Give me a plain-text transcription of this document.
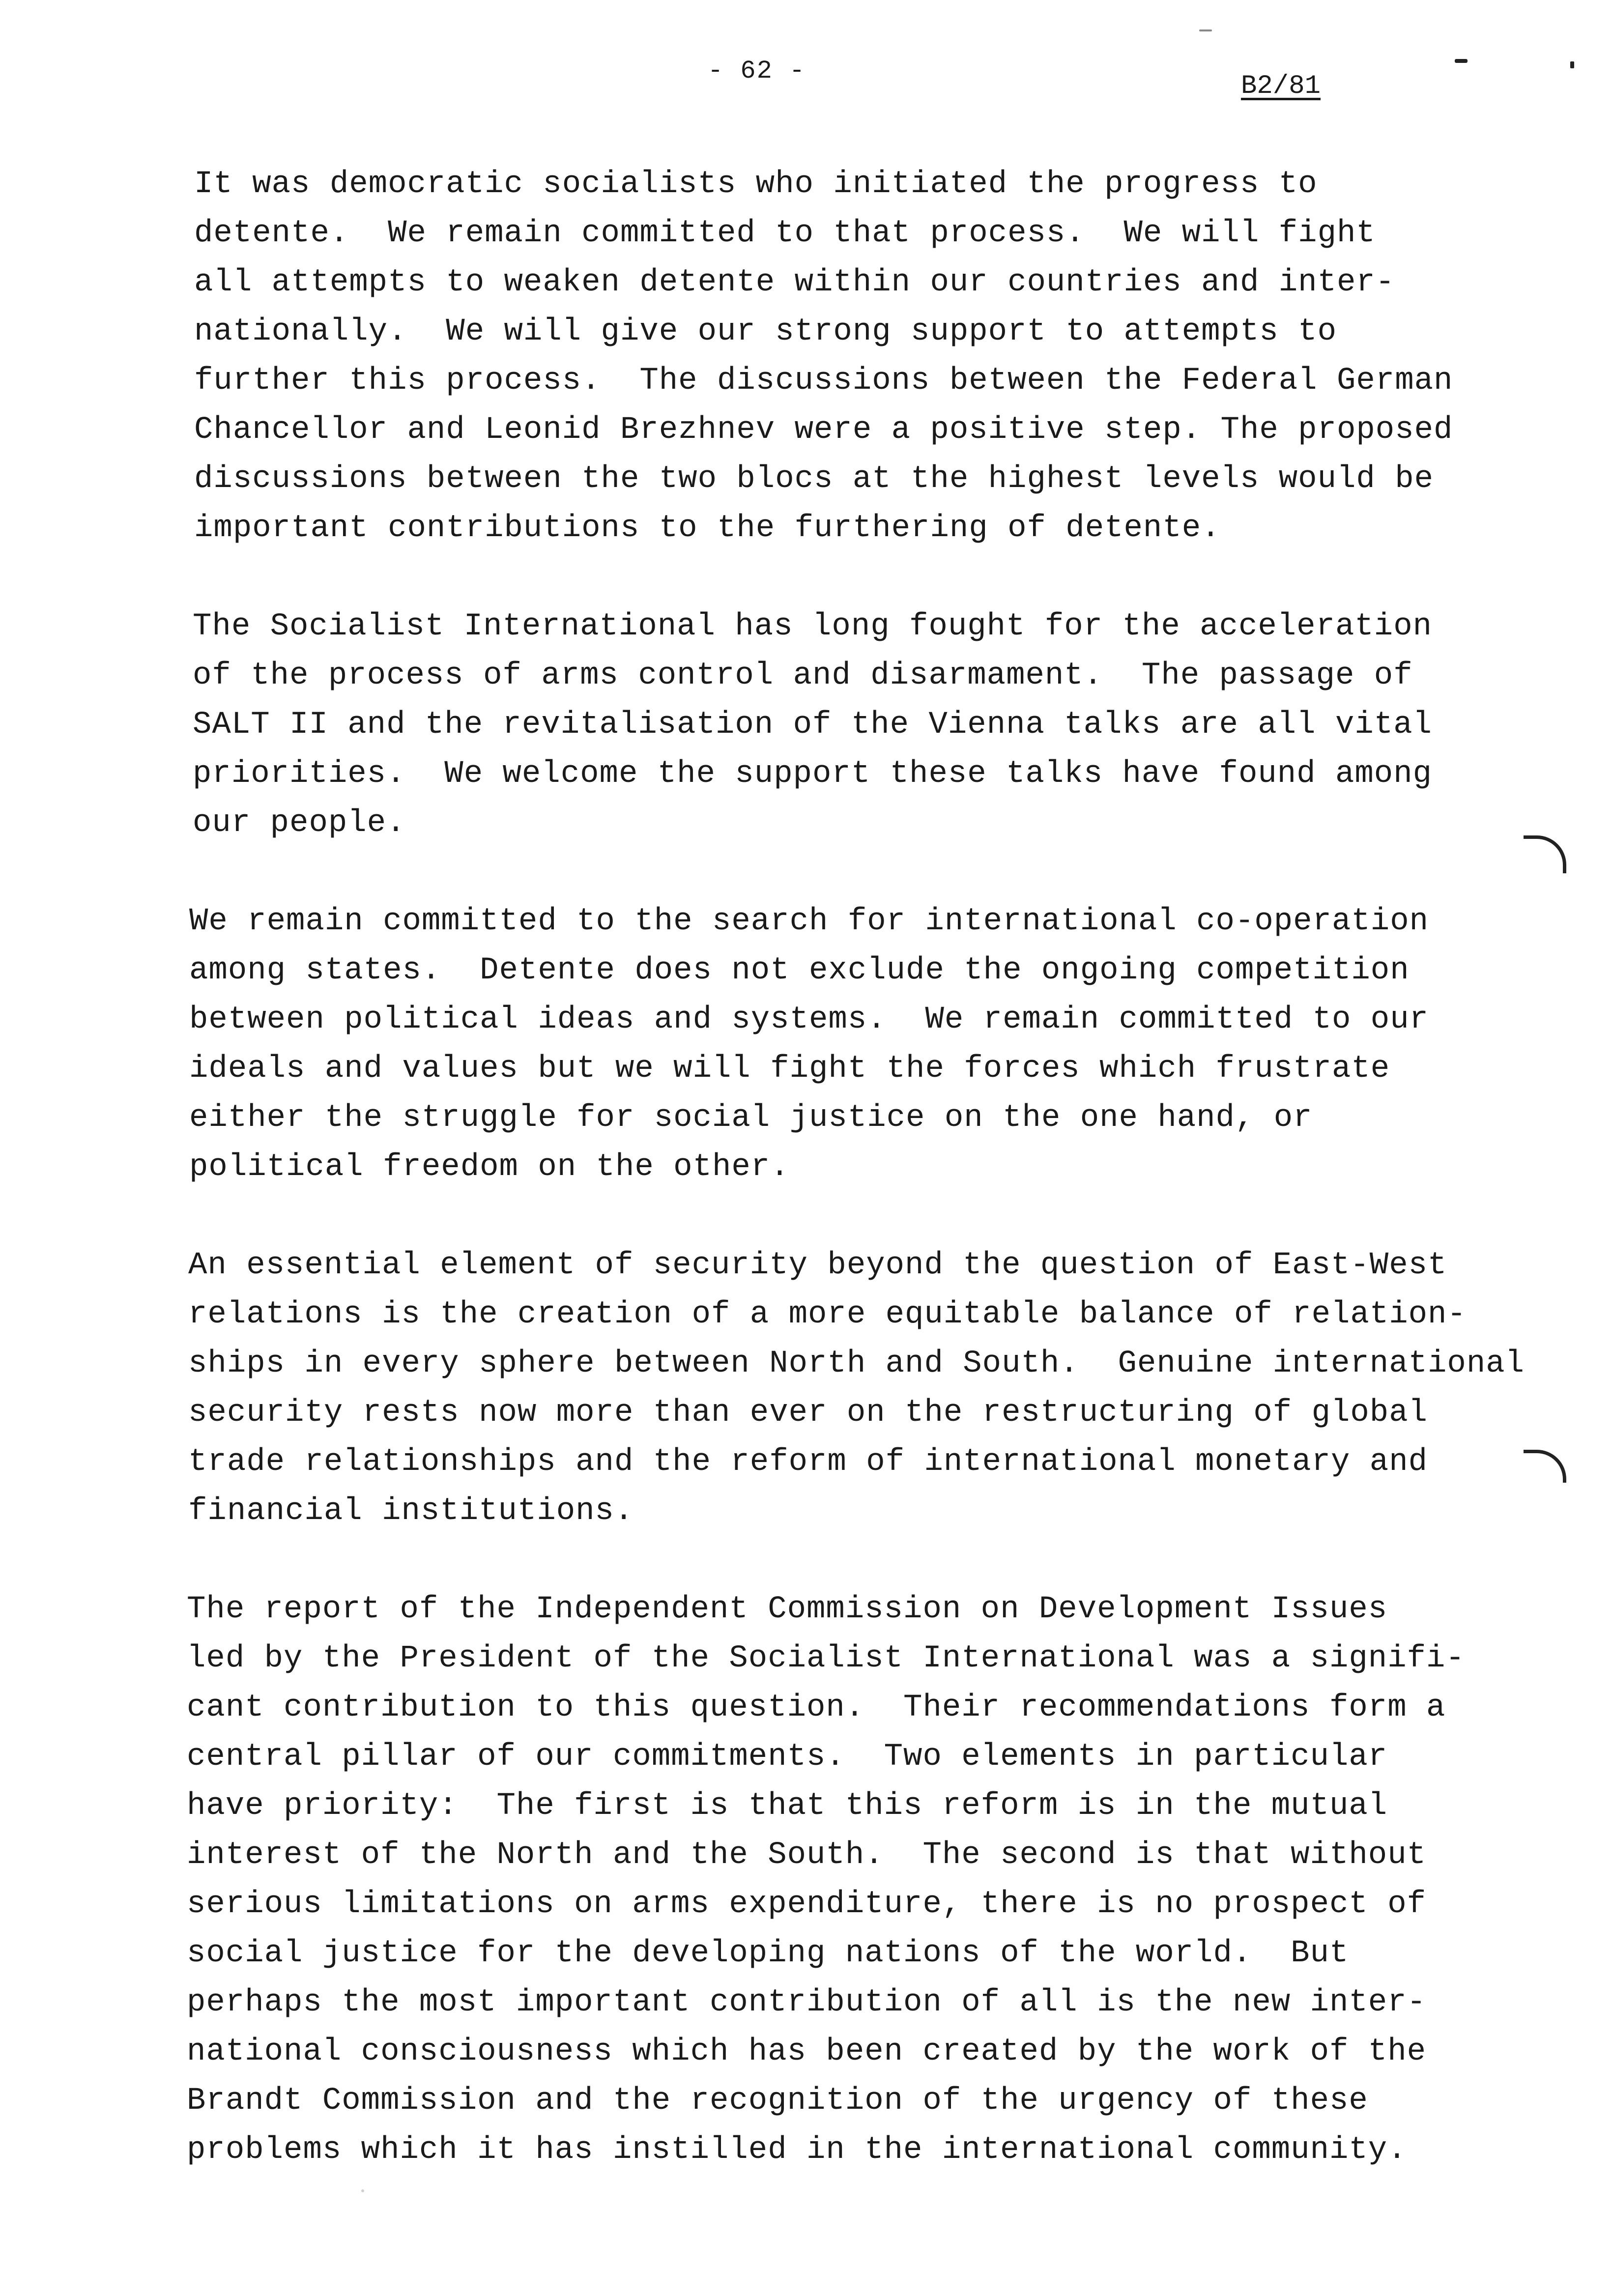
- 62 -
B2/81

It was democratic socialists who initiated the progress to
detente.  We remain committed to that process.  We will fight
all attempts to weaken detente within our countries and inter-
nationally.  We will give our strong support to attempts to
further this process.  The discussions between the Federal German
Chancellor and Leonid Brezhnev were a positive step. The proposed
discussions between the two blocs at the highest levels would be
important contributions to the furthering of detente.

The Socialist International has long fought for the acceleration
of the process of arms control and disarmament.  The passage of
SALT II and the revitalisation of the Vienna talks are all vital
priorities.  We welcome the support these talks have found among
our people.

We remain committed to the search for international co-operation
among states.  Detente does not exclude the ongoing competition
between political ideas and systems.  We remain committed to our
ideals and values but we will fight the forces which frustrate
either the struggle for social justice on the one hand, or
political freedom on the other.

An essential element of security beyond the question of East-West
relations is the creation of a more equitable balance of relation-
ships in every sphere between North and South.  Genuine international
security rests now more than ever on the restructuring of global
trade relationships and the reform of international monetary and
financial institutions.

The report of the Independent Commission on Development Issues
led by the President of the Socialist International was a signifi-
cant contribution to this question.  Their recommendations form a
central pillar of our commitments.  Two elements in particular
have priority:  The first is that this reform is in the mutual
interest of the North and the South.  The second is that without
serious limitations on arms expenditure, there is no prospect of
social justice for the developing nations of the world.  But
perhaps the most important contribution of all is the new inter-
national consciousness which has been created by the work of the
Brandt Commission and the recognition of the urgency of these
problems which it has instilled in the international community.
